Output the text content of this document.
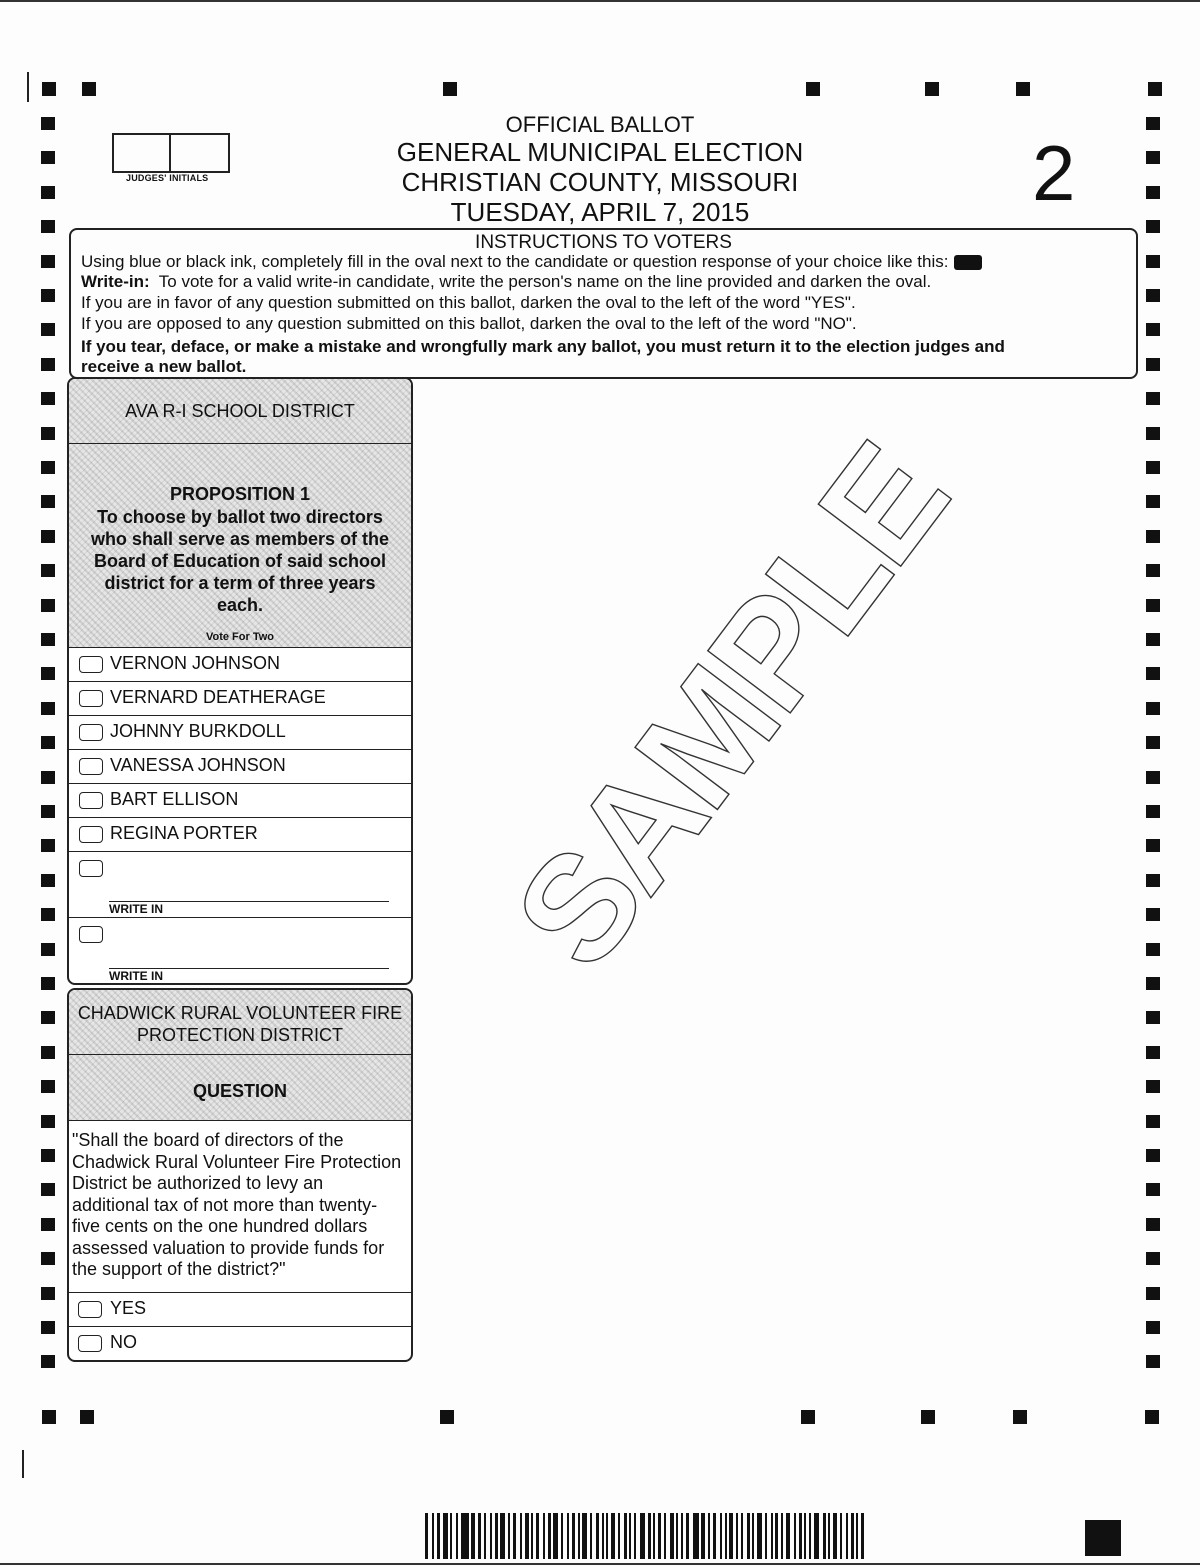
JUDGES' INITIALS
OFFICIAL BALLOT
GENERAL MUNICIPAL ELECTION
CHRISTIAN COUNTY, MISSOURI
TUESDAY, APRIL 7, 2015	2
INSTRUCTIONS TO VOTERS
Using blue or black ink, completely fill in the oval next to the candidate or question response of your choice like this:
Write-in: To vote for a valid write-in candidate, write the person's name on the line provided and darken the oval.
If you are in favor of any question submitted on this ballot, darken the oval to the left of the word "YES".
If you are opposed to any question submitted on this ballot, darken the oval to the left of the word "NO".
If you tear, deface, or make a mistake and wrongfully mark any ballot, you must return it to the election judges and
receive a new ballot.
AVA R-I SCHOOL DISTRICT
PROPOSITION 1
To choose by ballot two directors
who shall serve as members of the
Board of Education of said school
district for a term of three years
each.
Vote For Two
VERNON JOHNSON
VERNARD DEATHERAGE
JOHNNY BURKDOLL
VANESSA JOHNSON
BART ELLISON
REGINA PORTER
WRITE IN
WRITE IN
CHADWICK RURAL VOLUNTEER FIRE
PROTECTION DISTRICT
QUESTION
"Shall the board of directors of the Chadwick Rural Volunteer Fire Protection District be authorized to levy an additional tax of not more than twenty-five cents on the one hundred dollars assessed valuation to provide funds for the support of the district?"
YES
NO
SAMPLE
